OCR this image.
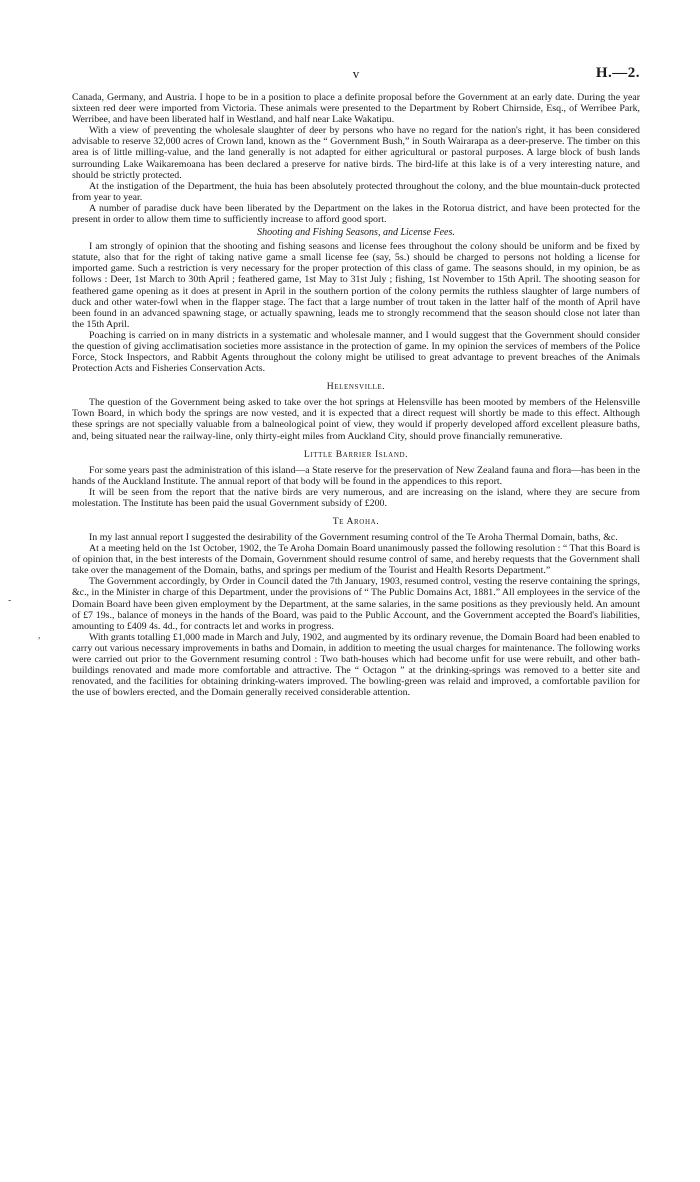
-
,
v	H.—2.

Canada, Germany, and Austria. I hope to be in a position to place a definite proposal before the Government at an early date. During the year sixteen red deer were imported from Victoria. These animals were presented to the Department by Robert Chirnside, Esq., of Werribee Park, Werribee, and have been liberated half in Westland, and half near Lake Wakatipu.

With a view of preventing the wholesale slaughter of deer by persons who have no regard for the nation's right, it has been considered advisable to reserve 32,000 acres of Crown land, known as the “ Government Bush,” in South Wairarapa as a deer-preserve. The timber on this area is of little milling-value, and the land generally is not adapted for either agricultural or pastoral purposes. A large block of bush lands surrounding Lake Waikaremoana has been declared a preserve for native birds. The bird-life at this lake is of a very interesting nature, and should be strictly protected.

At the instigation of the Department, the huia has been absolutely protected throughout the colony, and the blue mountain-duck protected from year to year.

A number of paradise duck have been liberated by the Department on the lakes in the Rotorua district, and have been protected for the present in order to allow them time to sufficiently increase to afford good sport.

Shooting and Fishing Seasons, and License Fees.

I am strongly of opinion that the shooting and fishing seasons and license fees throughout the colony should be uniform and be fixed by statute, also that for the right of taking native game a small license fee (say, 5s.) should be charged to persons not holding a license for imported game. Such a restriction is very necessary for the proper protection of this class of game. The seasons should, in my opinion, be as follows : Deer, 1st March to 30th April ; feathered game, 1st May to 31st July ; fishing, 1st November to 15th April. The shooting season for feathered game opening as it does at present in April in the southern portion of the colony permits the ruthless slaughter of large numbers of duck and other water-fowl when in the flapper stage. The fact that a large number of trout taken in the latter half of the month of April have been found in an advanced spawning stage, or actually spawning, leads me to strongly recommend that the season should close not later than the 15th April.

Poaching is carried on in many districts in a systematic and wholesale manner, and I would suggest that the Government should consider the question of giving acclimatisation societies more assistance in the protection of game. In my opinion the services of members of the Police Force, Stock Inspectors, and Rabbit Agents throughout the colony might be utilised to great advantage to prevent breaches of the Animals Protection Acts and Fisheries Conservation Acts.

Helensville.

The question of the Government being asked to take over the hot springs at Helensville has been mooted by members of the Helensville Town Board, in which body the springs are now vested, and it is expected that a direct request will shortly be made to this effect. Although these springs are not specially valuable from a balneological point of view, they would if properly developed afford excellent pleasure baths, and, being situated near the railway-line, only thirty-eight miles from Auckland City, should prove financially remunerative.

Little Barrier Island.

For some years past the administration of this island—a State reserve for the preservation of New Zealand fauna and flora—has been in the hands of the Auckland Institute. The annual report of that body will be found in the appendices to this report.

It will be seen from the report that the native birds are very numerous, and are increasing on the island, where they are secure from molestation. The Institute has been paid the usual Government subsidy of £200.

Te Aroha.

In my last annual report I suggested the desirability of the Government resuming control of the Te Aroha Thermal Domain, baths, &c.

At a meeting held on the 1st October, 1902, the Te Aroha Domain Board unanimously passed the following resolution : “ That this Board is of opinion that, in the best interests of the Domain, Government should resume control of same, and hereby requests that the Government shall take over the management of the Domain, baths, and springs per medium of the Tourist and Health Resorts Department.”

The Government accordingly, by Order in Council dated the 7th January, 1903, resumed control, vesting the reserve containing the springs, &c., in the Minister in charge of this Department, under the provisions of “ The Public Domains Act, 1881.” All employees in the service of the Domain Board have been given employment by the Department, at the same salaries, in the same positions as they previously held. An amount of £7 19s., balance of moneys in the hands of the Board, was paid to the Public Account, and the Government accepted the Board's liabilities, amounting to £409 4s. 4d., for contracts let and works in progress.

With grants totalling £1,000 made in March and July, 1902, and augmented by its ordinary revenue, the Domain Board had been enabled to carry out various necessary improvements in baths and Domain, in addition to meeting the usual charges for maintenance. The following works were carried out prior to the Government resuming control : Two bath-houses which had become unfit for use were rebuilt, and other bath-buildings renovated and made more comfortable and attractive. The “ Octagon ” at the drinking-springs was removed to a better site and renovated, and the facilities for obtaining drinking-waters improved. The bowling-green was relaid and improved, a comfortable pavilion for the use of bowlers erected, and the Domain generally received considerable attention.
